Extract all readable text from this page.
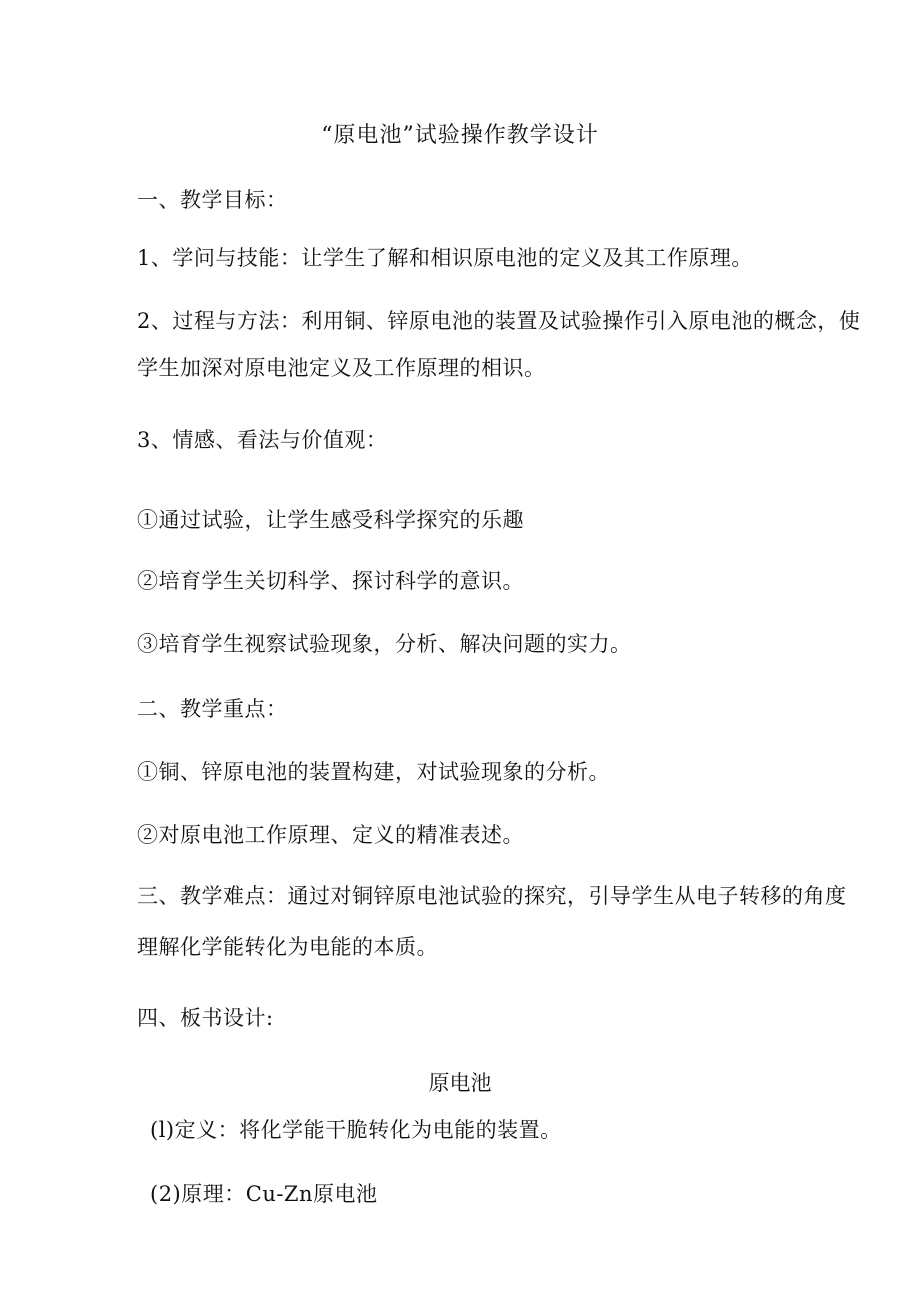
“原电池”试验操作教学设计
一、教学目标：
1、学问与技能：让学生了解和相识原电池的定义及其工作原理。
2、过程与方法：利用铜、锌原电池的装置及试验操作引入原电池的概念，使
学生加深对原电池定义及工作原理的相识。
3、情感、看法与价值观：
①通过试验，让学生感受科学探究的乐趣
②培育学生关切科学、探讨科学的意识。
③培育学生视察试验现象，分析、解决问题的实力。
二、教学重点：
①铜、锌原电池的装置构建，对试验现象的分析。
②对原电池工作原理、定义的精准表述。
三、教学难点：通过对铜锌原电池试验的探究，引导学生从电子转移的角度
理解化学能转化为电能的本质。
四、板书设计:
原电池
(l)定义：将化学能干脆转化为电能的装置。
(2)原理：Cu-Zn原电池
